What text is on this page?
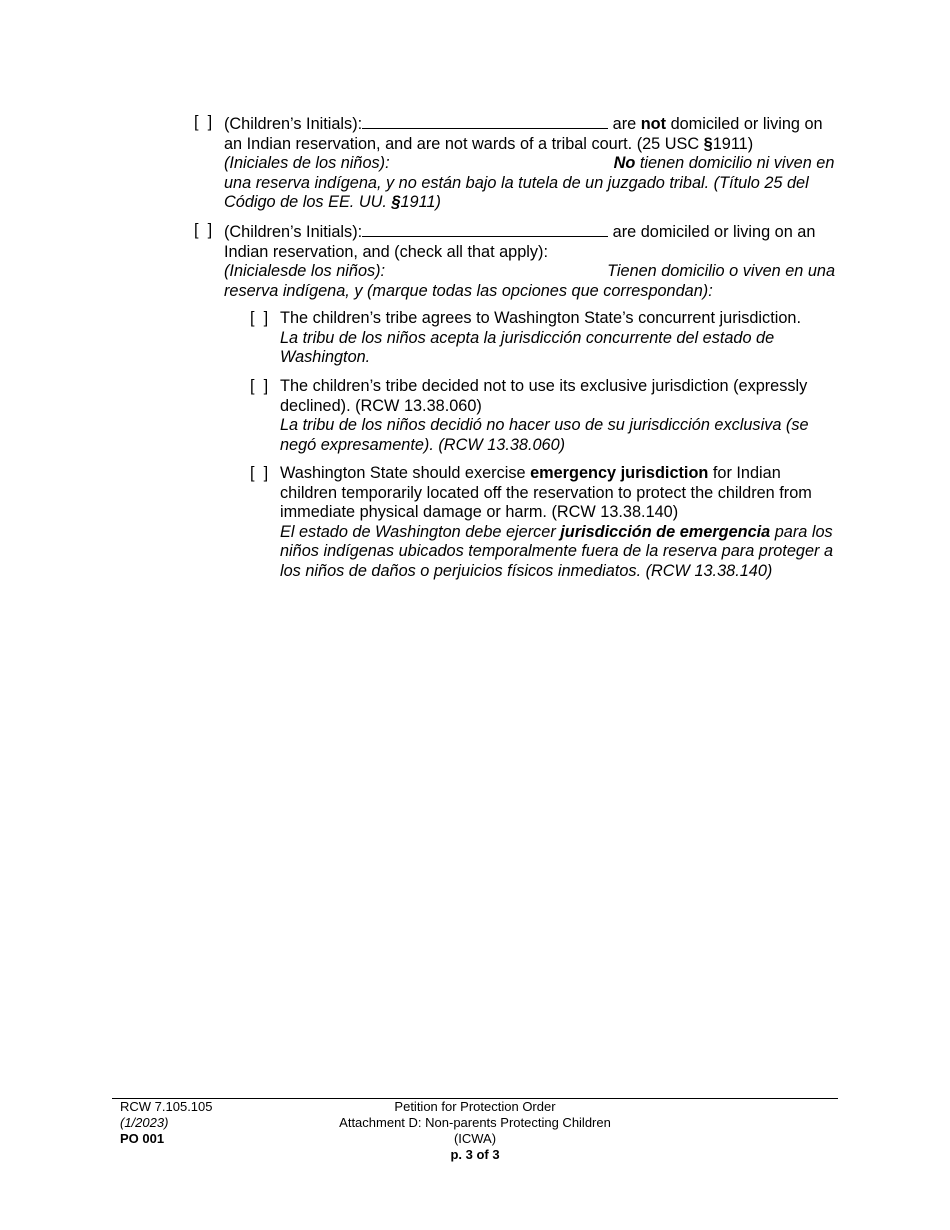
[  ] (Children’s Initials):	are not domiciled or living on an Indian reservation, and are not wards of a tribal court. (25 USC §1911)

(Iniciales de los niños):	No tienen domicilio ni viven en una reserva indígena, y no están bajo la tutela de un juzgado tribal. (Título 25 del Código de los EE. UU. §1911)

[  ] (Children’s Initials):	are domiciled or living on an Indian reservation, and (check all that apply):

(Inicialesde los niños):	Tienen domicilio o viven en una reserva indígena, y (marque todas las opciones que correspondan):

[  ] The children’s tribe agrees to Washington State’s concurrent jurisdiction.

La tribu de los niños acepta la jurisdicción concurrente del estado de Washington.

[  ] The children’s tribe decided not to use its exclusive jurisdiction (expressly declined). (RCW 13.38.060)

La tribu de los niños decidió no hacer uso de su jurisdicción exclusiva (se negó expresamente). (RCW 13.38.060)

[  ] Washington State should exercise emergency jurisdiction for Indian children temporarily located off the reservation to protect the children from immediate physical damage or harm. (RCW 13.38.140)

El estado de Washington debe ejercer jurisdicción de emergencia para los niños indígenas ubicados temporalmente fuera de la reserva para proteger a los niños de daños o perjuicios físicos inmediatos. (RCW 13.38.140)

RCW 7.105.105
(1/2023)
PO 001
Petition for Protection Order
Attachment D: Non-parents Protecting Children
(ICWA)
p. 3 of 3
